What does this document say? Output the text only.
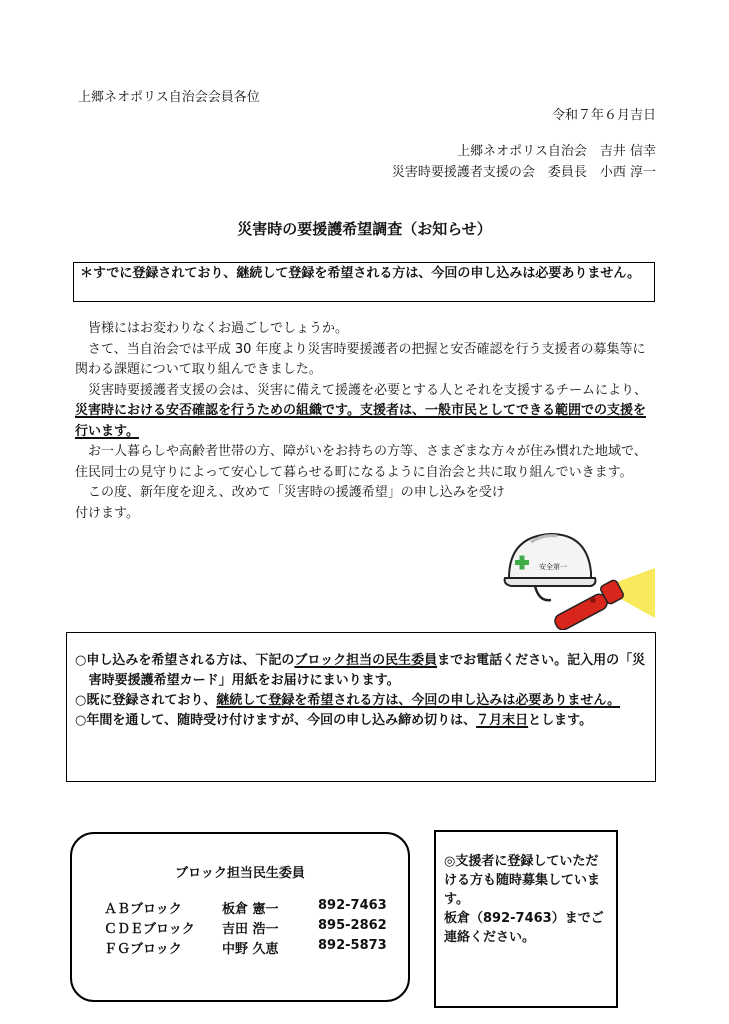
上郷ネオポリス自治会会員各位
令和７年６月吉日
上郷ネオポリス自治会　吉井 信幸
災害時要援護者支援の会　委員長　小西 淳一
災害時の要援護希望調査（お知らせ）
＊すでに登録されており、継続して登録を希望される方は、今回の申し込みは必要ありません。

皆様にはお変わりなくお過ごしでしょうか。

さて、当自治会では平成 30 年度より災害時要援護者の把握と安否確認を行う支援者の募集等に関わる課題について取り組んできました。

災害時要援護者支援の会は、災害に備えて援護を必要とする人とそれを支援するチームにより、災害時における安否確認を行うための組織です。支援者は、一般市民としてできる範囲での支援を行います。

お一人暮らしや高齢者世帯の方、障がいをお持ちの方等、さまざまな方々が住み慣れた地域で、住民同士の見守りによって安心して暮らせる町になるように自治会と共に取り組んでいきます。

この度、新年度を迎え、改めて「災害時の援護希望」の申し込みを受け付けます。

安全第一

○申し込みを希望される方は、下記のブロック担当の民生委員までお電話ください。記入用の「災害時要援護希望カード」用紙をお届けにまいります。

○既に登録されており、継続して登録を希望される方は、今回の申し込みは必要ありません。

○年間を通して、随時受け付けますが、今回の申し込み締め切りは、７月末日とします。

ブロック担当民生委員
ＡＢブロック	板倉 憲一	892-7463
ＣＤＥブロック 吉田 浩一	895-2862
ＦＧブロック	中野 久恵	892-5873

◎支援者に登録していただける方も随時募集しています。

板倉（892-7463）までご連絡ください。
